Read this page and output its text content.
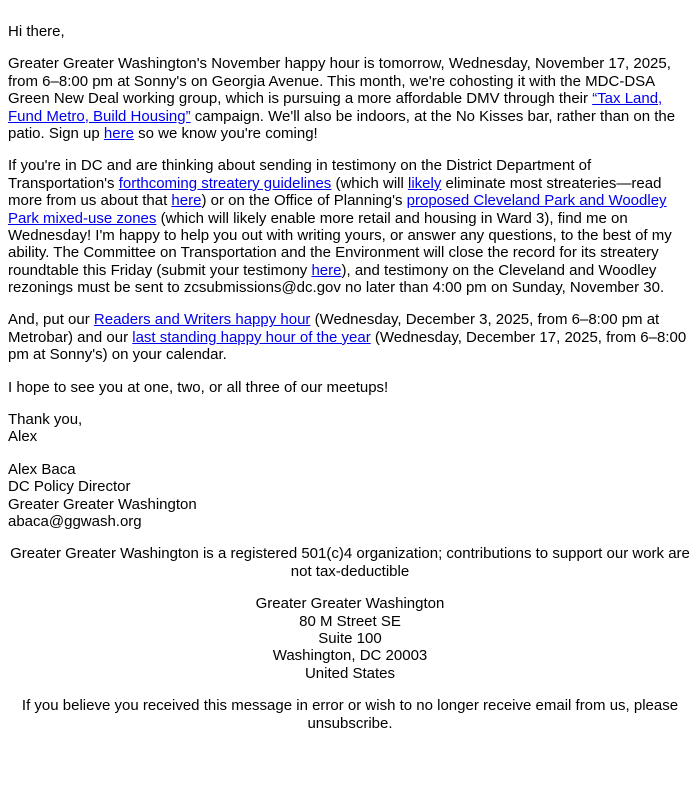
Hi there,

Greater Greater Washington's November happy hour is tomorrow, Wednesday, November 17, 2025, from 6–8:00 pm at Sonny's on Georgia Avenue. This month, we're cohosting it with the MDC-DSA Green New Deal working group, which is pursuing a more affordable DMV through their “Tax Land, Fund Metro, Build Housing” campaign. We'll also be indoors, at the No Kisses bar, rather than on the patio. Sign up here so we know you're coming!

If you're in DC and are thinking about sending in testimony on the District Department of Transportation's forthcoming streatery guidelines (which will likely eliminate most streateries—read more from us about that here) or on the Office of Planning's proposed Cleveland Park and Woodley Park mixed-use zones (which will likely enable more retail and housing in Ward 3), find me on Wednesday! I'm happy to help you out with writing yours, or answer any questions, to the best of my ability. The Committee on Transportation and the Environment will close the record for its streatery roundtable this Friday (submit your testimony here), and testimony on the Cleveland and Woodley rezonings must be sent to zcsubmissions@dc.gov no later than 4:00 pm on Sunday, November 30.

And, put our Readers and Writers happy hour (Wednesday, December 3, 2025, from 6–8:00 pm at Metrobar) and our last standing happy hour of the year (Wednesday, December 17, 2025, from 6–8:00 pm at Sonny's) on your calendar.

I hope to see you at one, two, or all three of our meetups!

Thank you,
Alex

Alex Baca
DC Policy Director
Greater Greater Washington
abaca@ggwash.org

Greater Greater Washington is a registered 501(c)4 organization; contributions to support our work are not tax-deductible

Greater Greater Washington
80 M Street SE
Suite 100
Washington, DC 20003
United States

If you believe you received this message in error or wish to no longer receive email from us, please unsubscribe.
